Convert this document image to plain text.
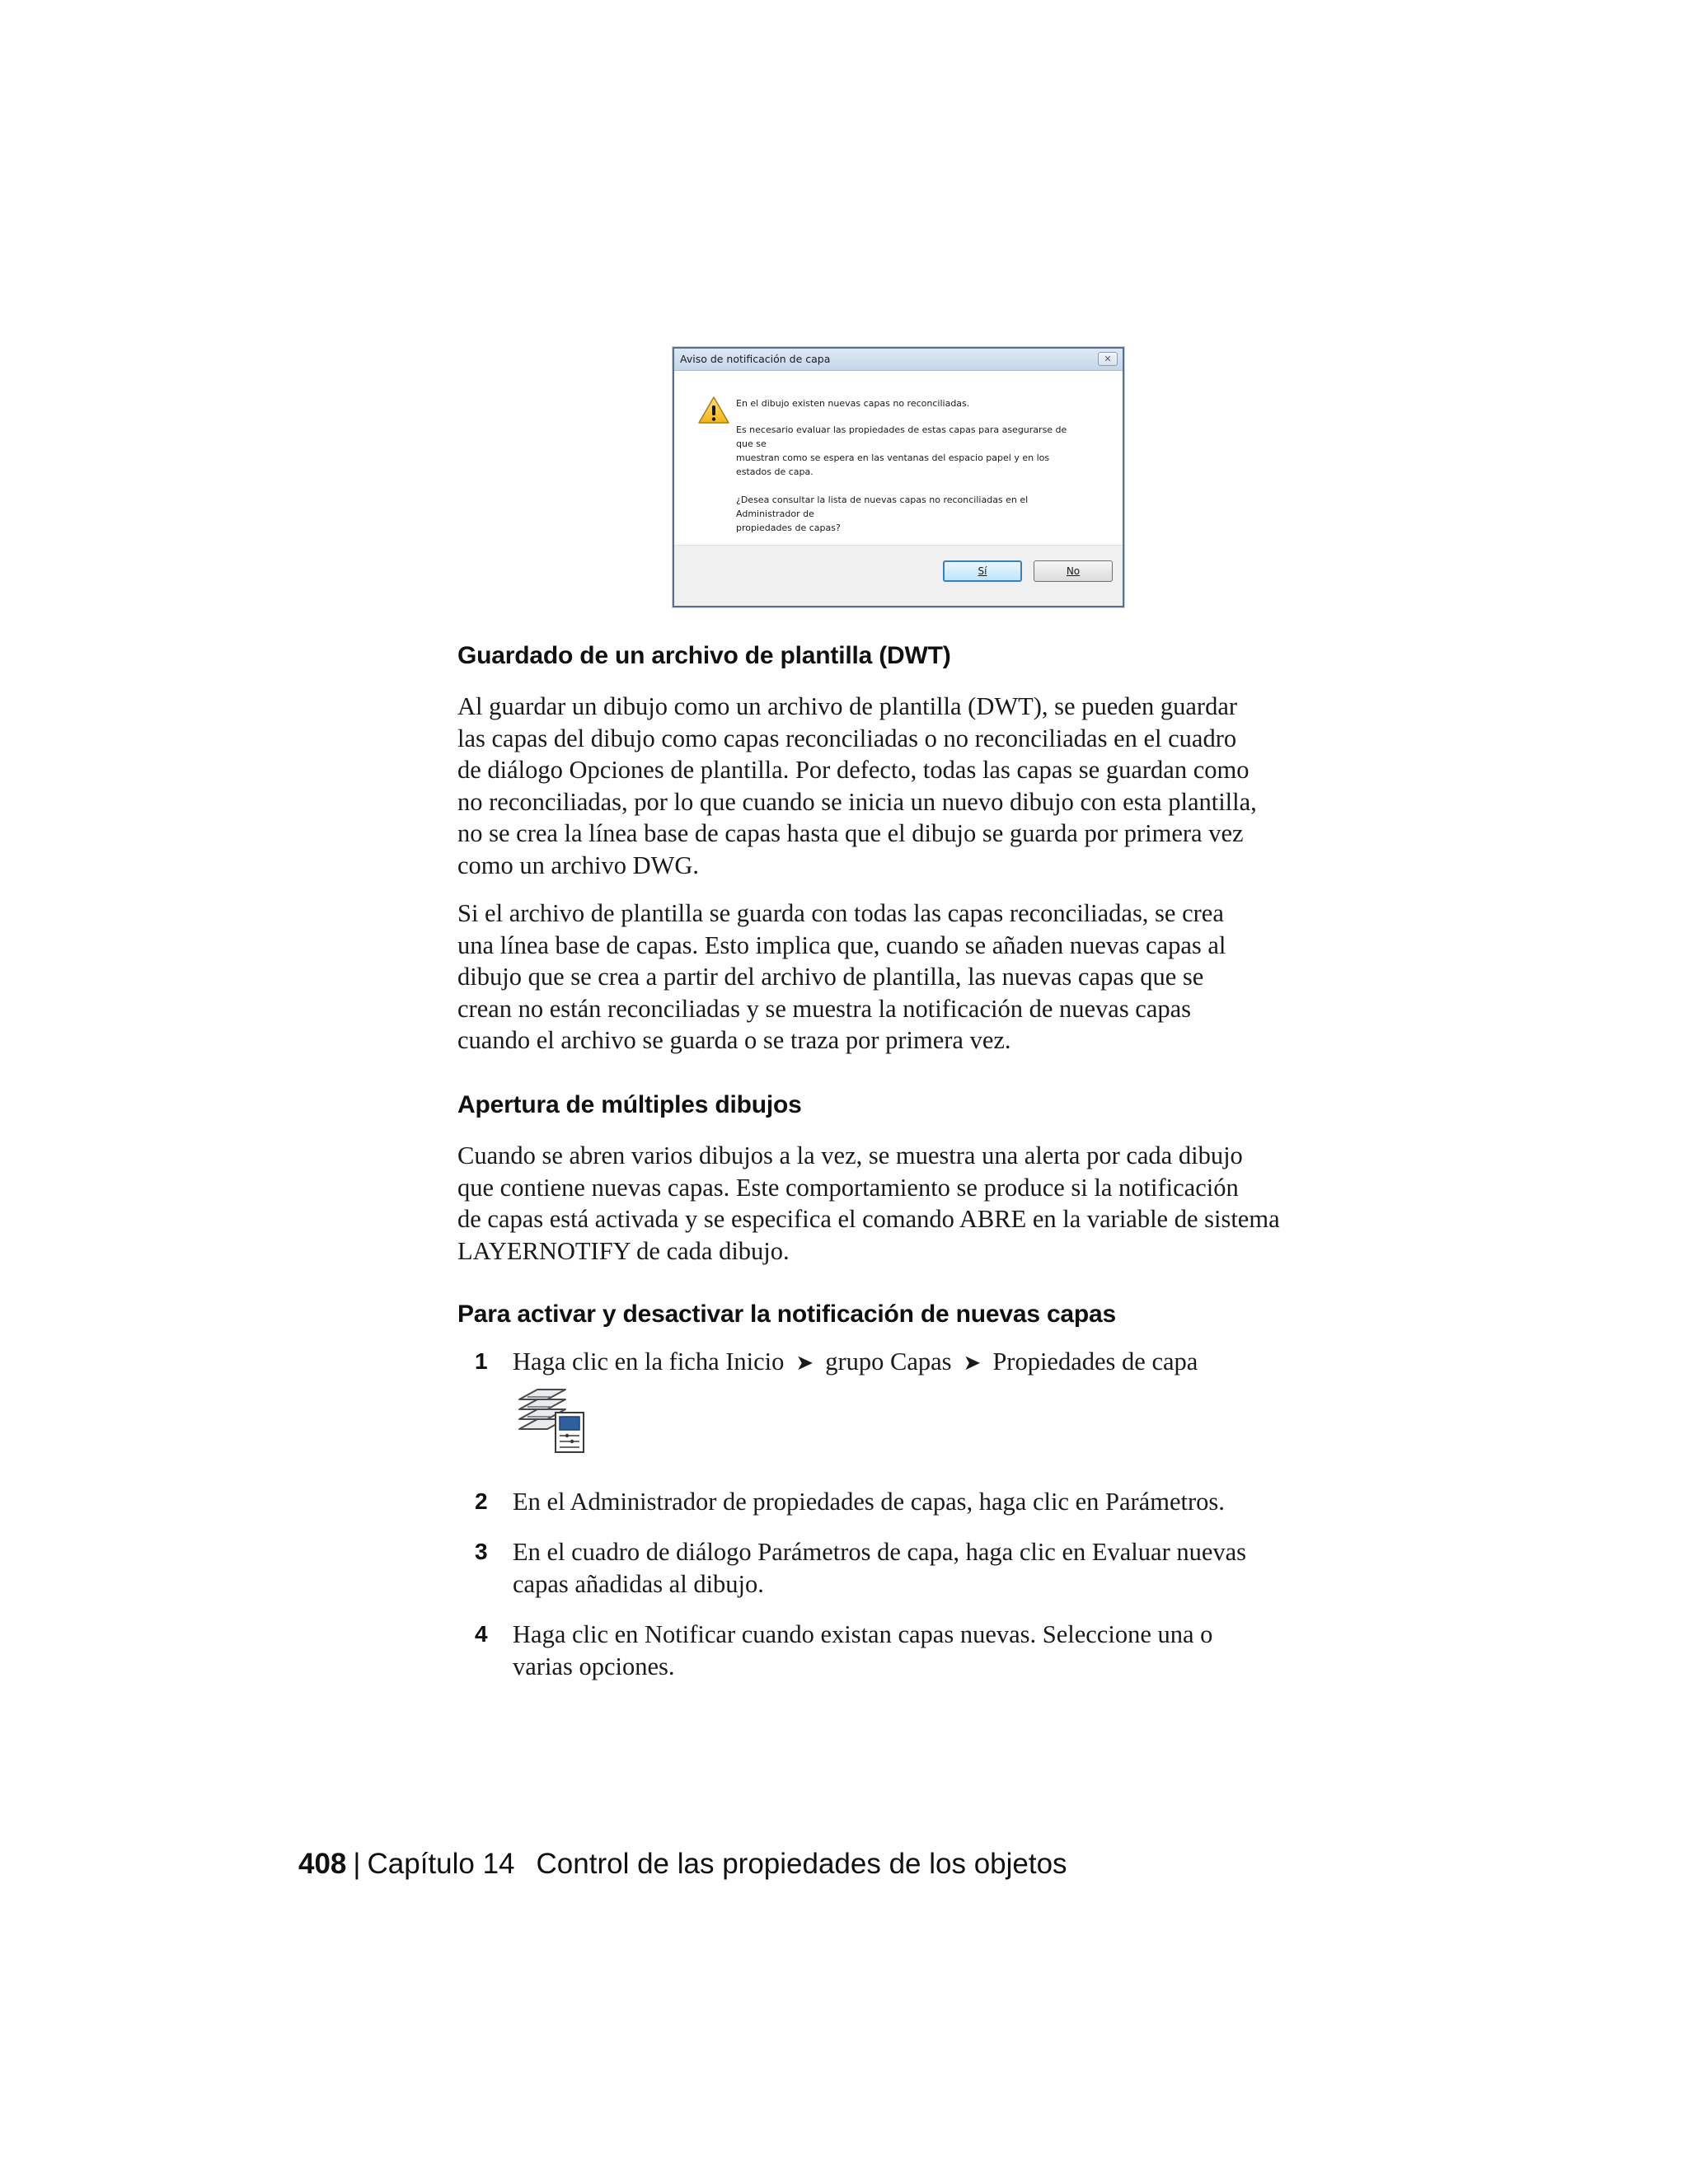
Aviso de notificación de capa	✕

En el dibujo existen nuevas capas no reconciliadas.

Es necesario evaluar las propiedades de estas capas para asegurarse de
que se
muestran como se espera en las ventanas del espacio papel y en los
estados de capa.

¿Desea consultar la lista de nuevas capas no reconciliadas en el
Administrador de
propiedades de capas?

Sí	No
Guardado de un archivo de plantilla (DWT)

Al guardar un dibujo como un archivo de plantilla (DWT), se pueden guardar
las capas del dibujo como capas reconciliadas o no reconciliadas en el cuadro
de diálogo Opciones de plantilla. Por defecto, todas las capas se guardan como
no reconciliadas, por lo que cuando se inicia un nuevo dibujo con esta plantilla,
no se crea la línea base de capas hasta que el dibujo se guarda por primera vez
como un archivo DWG.

Si el archivo de plantilla se guarda con todas las capas reconciliadas, se crea
una línea base de capas. Esto implica que, cuando se añaden nuevas capas al
dibujo que se crea a partir del archivo de plantilla, las nuevas capas que se
crean no están reconciliadas y se muestra la notificación de nuevas capas
cuando el archivo se guarda o se traza por primera vez.

Apertura de múltiples dibujos

Cuando se abren varios dibujos a la vez, se muestra una alerta por cada dibujo
que contiene nuevas capas. Este comportamiento se produce si la notificación
de capas está activada y se especifica el comando ABRE en la variable de sistema
LAYERNOTIFY de cada dibujo.

Para activar y desactivar la notificación de nuevas capas
1 Haga clic en la ficha Inicio ➤ grupo Capas ➤ Propiedades de capa

2 En el Administrador de propiedades de capas, haga clic en Parámetros.

3 En el cuadro de diálogo Parámetros de capa, haga clic en Evaluar nuevas
capas añadidas al dibujo.

4 Haga clic en Notificar cuando existan capas nuevas. Seleccione una o
varias opciones.

408 | Capítulo 14 Control de las propiedades de los objetos
